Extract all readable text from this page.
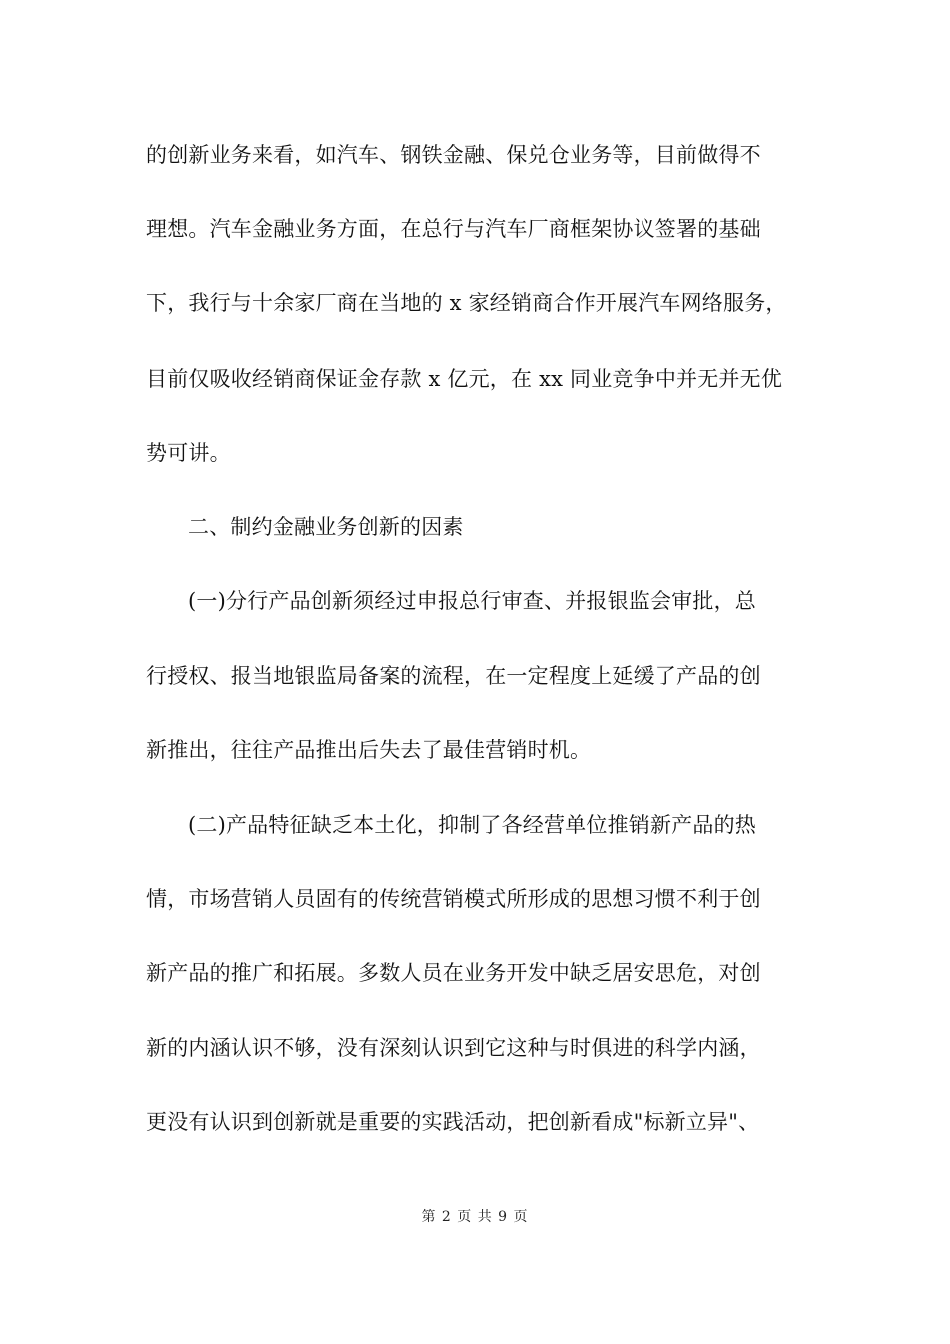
的创新业务来看，如汽车、钢铁金融、保兑仓业务等，目前做得不
理想。汽车金融业务方面，在总行与汽车厂商框架协议签署的基础
下，我行与十余家厂商在当地的 x 家经销商合作开展汽车网络服务，
目前仅吸收经销商保证金存款 x 亿元，在 xx 同业竞争中并无并无优
势可讲。
二、制约金融业务创新的因素
(一)分行产品创新须经过申报总行审查、并报银监会审批，总
行授权、报当地银监局备案的流程，在一定程度上延缓了产品的创
新推出，往往产品推出后失去了最佳营销时机。
(二)产品特征缺乏本土化，抑制了各经营单位推销新产品的热
情，市场营销人员固有的传统营销模式所形成的思想习惯不利于创
新产品的推广和拓展。多数人员在业务开发中缺乏居安思危，对创
新的内涵认识不够，没有深刻认识到它这种与时俱进的科学内涵，
更没有认识到创新就是重要的实践活动，把创新看成"标新立异"、
第 2 页 共 9 页
